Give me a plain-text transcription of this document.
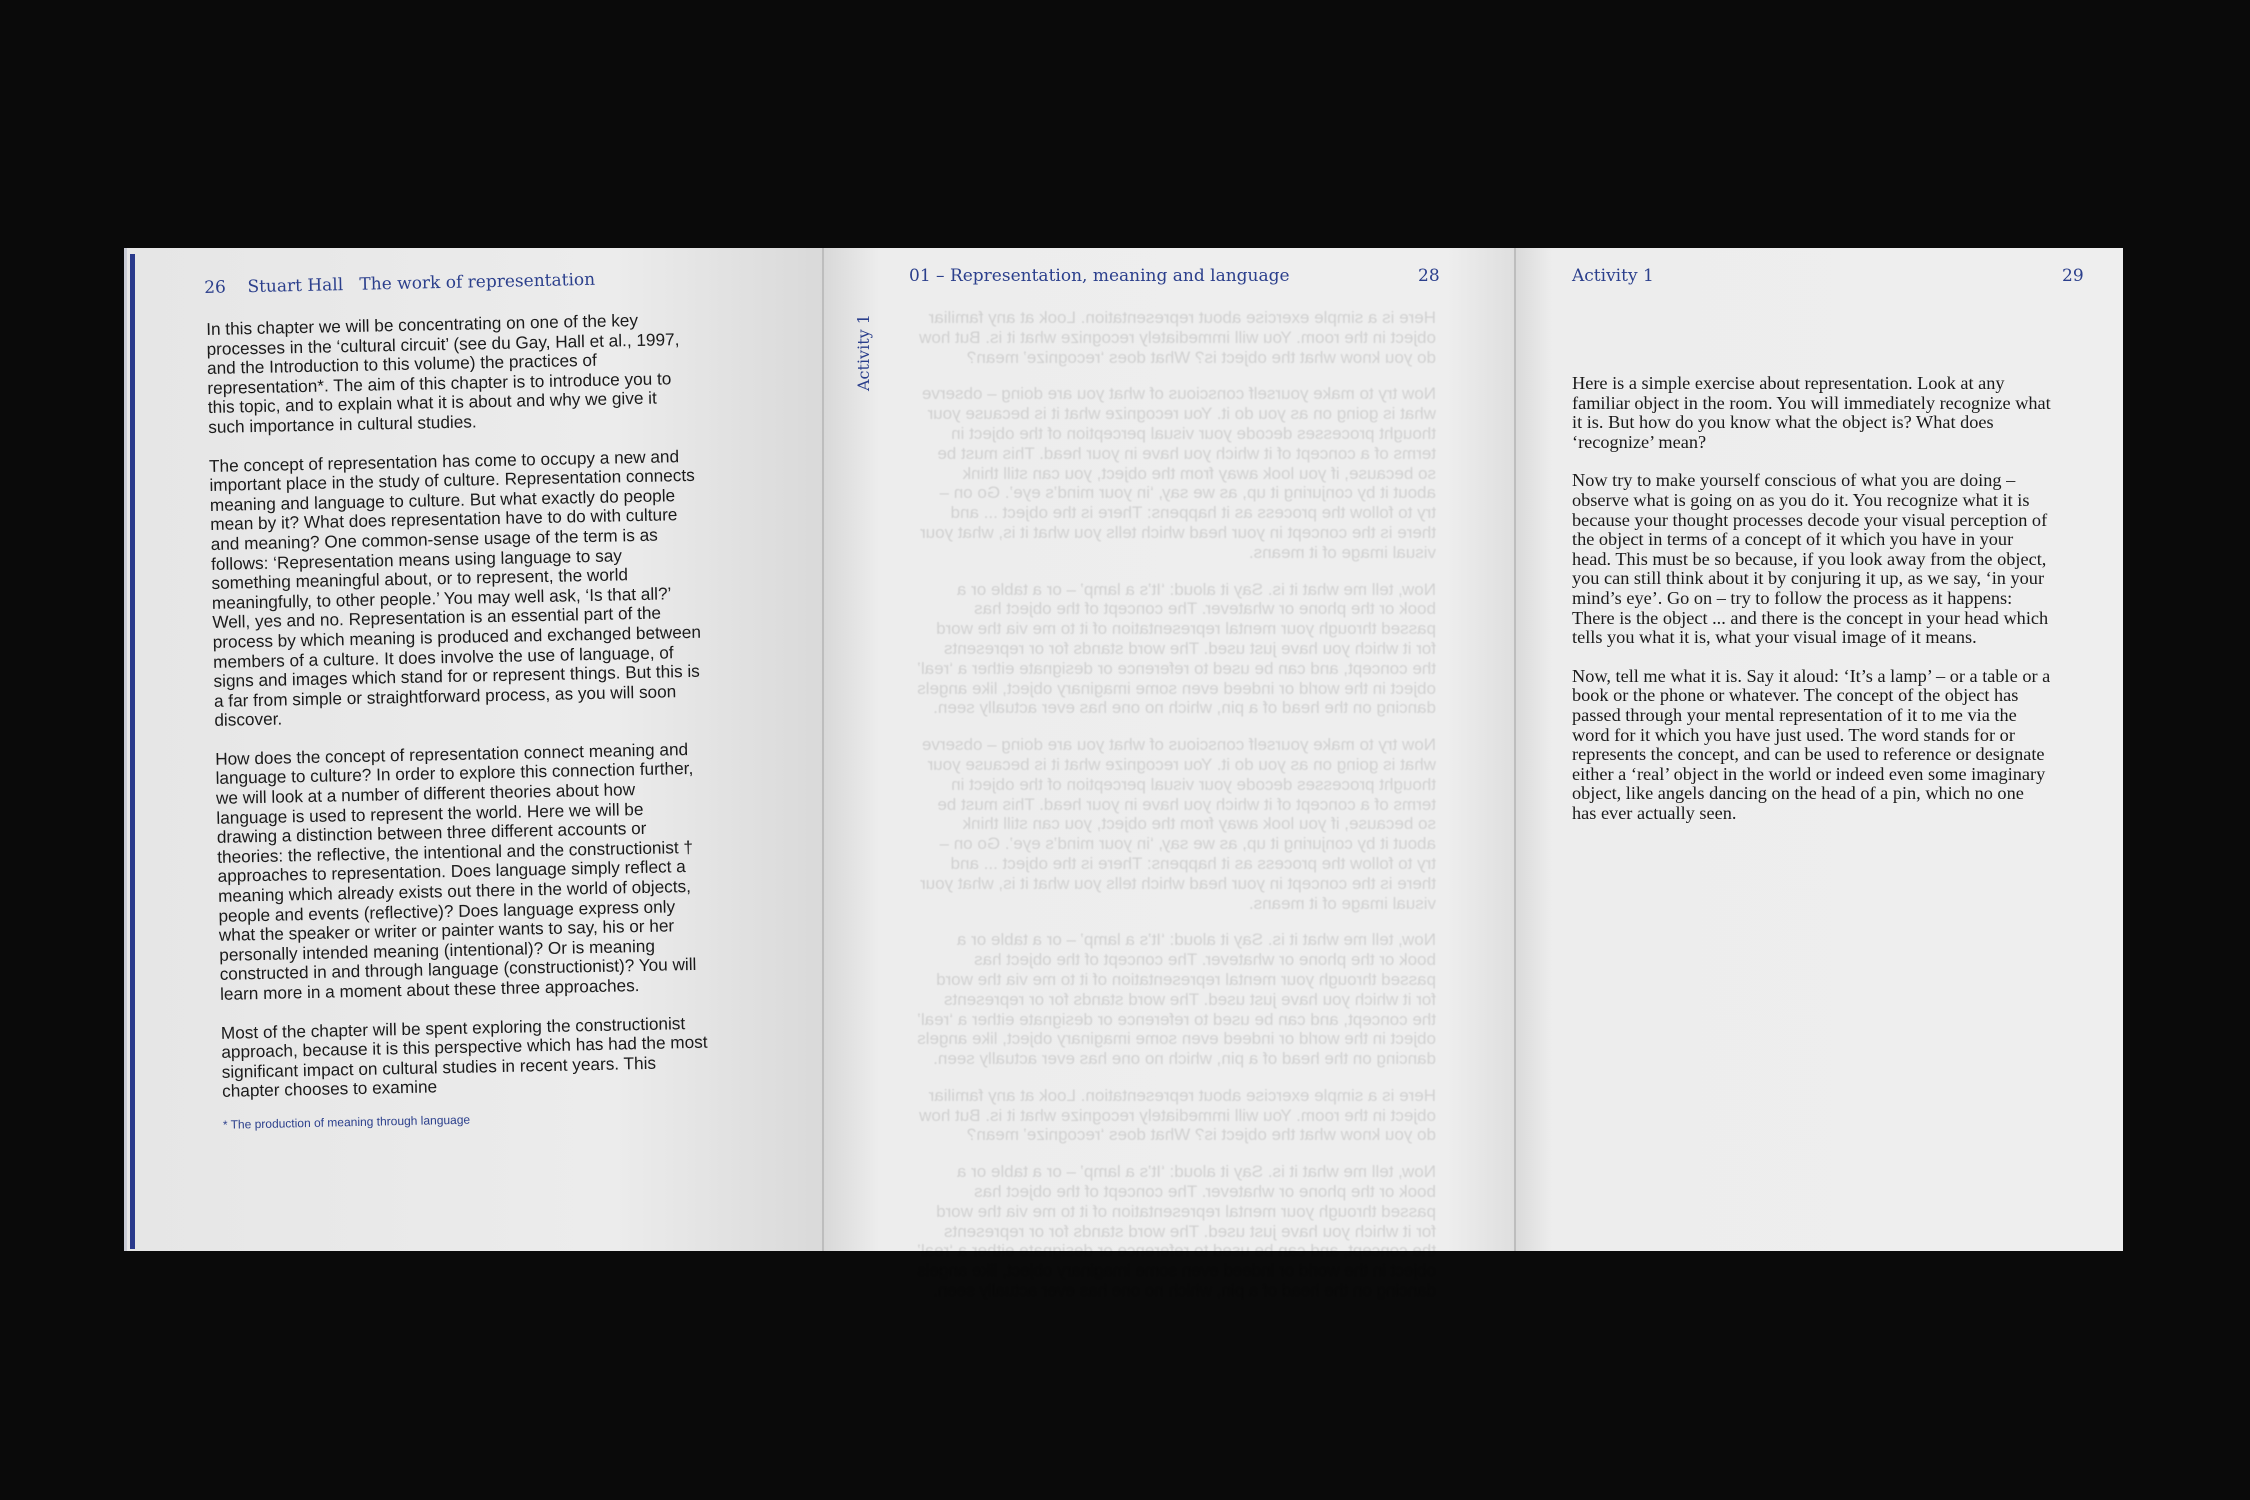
26 Stuart Hall The work of representation

In this chapter we will be concentrating on one of the key processes in the ‘cultural circuit’ (see du Gay, Hall et al., 1997, and the Introduction to this volume) the practices of representation*. The aim of this chapter is to introduce you to this topic, and to explain what it is about and why we give it such importance in cultural studies.

The concept of representation has come to occupy a new and important place in the study of culture. Representation connects meaning and language to culture. But what exactly do people mean by it? What does representation have to do with culture and meaning? One common-sense usage of the term is as follows: ‘Representation means using language to say something meaningful about, or to represent, the world meaningfully, to other people.’ You may well ask, ‘Is that all?’ Well, yes and no. Representation is an essential part of the process by which meaning is produced and exchanged between members of a culture. It does involve the use of language, of signs and images which stand for or represent things. But this is a far from simple or straightforward process, as you will soon discover.

How does the concept of representation connect meaning and language to culture? In order to explore this connection further, we will look at a number of different theories about how language is used to represent the world. Here we will be drawing a distinction between three different accounts or theories: the reflective, the intentional and the constructionist † approaches to representation. Does language simply reflect a meaning which already exists out there in the world of objects, people and events (reflective)? Does language express only what the speaker or writer or painter wants to say, his or her personally intended meaning (intentional)? Or is meaning constructed in and through language (constructionist)? You will learn more in a moment about these three approaches.

Most of the chapter will be spent exploring the constructionist approach, because it is this perspective which has had the most significant impact on cultural studies in recent years. This chapter chooses to examine

* The production of meaning through language

Here is a simple exercise about representation. Look at any familiar object in the room. You will immediately recognize what it is. But how do you know what the object is? What does ‘recognize’ mean?

Now try to make yourself conscious of what you are doing – observe what is going on as you do it. You recognize what it is because your thought processes decode your visual perception of the object in terms of a concept of it which you have in your head. This must be so because, if you look away from the object, you can still think about it by conjuring it up, as we say, ‘in your mind’s eye’. Go on – try to follow the process as it happens: There is the object ... and there is the concept in your head which tells you what it is, what your visual image of it means.

Now, tell me what it is. Say it aloud: ‘It’s a lamp’ – or a table or a book or the phone or whatever. The concept of the object has passed through your mental representation of it to me via the word for it which you have just used. The word stands for or represents the concept, and can be used to reference or designate either a ‘real’ object in the world or indeed even some imaginary object, like angels dancing on the head of a pin, which no one has ever actually seen.

Now try to make yourself conscious of what you are doing – observe what is going on as you do it. You recognize what it is because your thought processes decode your visual perception of the object in terms of a concept of it which you have in your head. This must be so because, if you look away from the object, you can still think about it by conjuring it up, as we say, ‘in your mind’s eye’. Go on – try to follow the process as it happens: There is the object ... and there is the concept in your head which tells you what it is, what your visual image of it means.

Now, tell me what it is. Say it aloud: ‘It’s a lamp’ – or a table or a book or the phone or whatever. The concept of the object has passed through your mental representation of it to me via the word for it which you have just used. The word stands for or represents the concept, and can be used to reference or designate either a ‘real’ object in the world or indeed even some imaginary object, like angels dancing on the head of a pin, which no one has ever actually seen.

Here is a simple exercise about representation. Look at any familiar object in the room. You will immediately recognize what it is. But how do you know what the object is? What does ‘recognize’ mean?

Now, tell me what it is. Say it aloud: ‘It’s a lamp’ – or a table or a book or the phone or whatever. The concept of the object has passed through your mental representation of it to me via the word for it which you have just used. The word stands for or represents the concept, and can be used to reference or designate either a ‘real’ object in the world or indeed even some imaginary object, like angels dancing on the head of a pin, which no one has ever actually seen.

01 – Representation, meaning and language	28
Activity 1
Activity 1	29

Here is a simple exercise about representation. Look at any familiar object in the room. You will immediately recognize what it is. But how do you know what the object is? What does ‘recognize’ mean?

Now try to make yourself conscious of what you are doing – observe what is going on as you do it. You recognize what it is because your thought processes decode your visual perception of the object in terms of a concept of it which you have in your head. This must be so because, if you look away from the object, you can still think about it by conjuring it up, as we say, ‘in your mind’s eye’. Go on – try to follow the process as it happens: There is the object ... and there is the concept in your head which tells you what it is, what your visual image of it means.

Now, tell me what it is. Say it aloud: ‘It’s a lamp’ – or a table or a book or the phone or whatever. The concept of the object has passed through your mental representation of it to me via the word for it which you have just used. The word stands for or represents the concept, and can be used to reference or designate either a ‘real’ object in the world or indeed even some imaginary object, like angels dancing on the head of a pin, which no one has ever actually seen.
